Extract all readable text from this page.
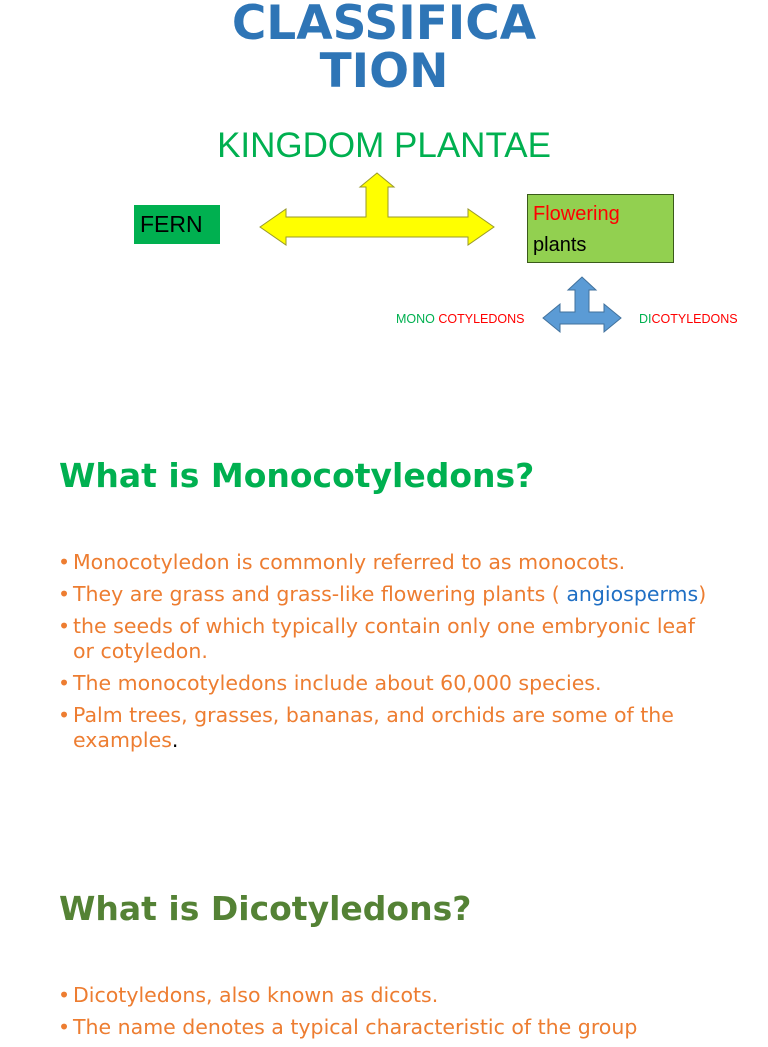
CLASSIFICA
TION
KINGDOM PLANTAE
FERN	Flowering
plants
MONO COTYLEDONS	DICOTYLEDONS
What is Monocotyledons?
• Monocotyledon is commonly referred to as monocots.
• They are grass and grass-like flowering plants ( angiosperms)
• the seeds of which typically contain only one embryonic leaf or cotyledon.
• The monocotyledons include about 60,000 species.
• Palm trees, grasses, bananas, and orchids are some of the examples.
What is Dicotyledons?
• Dicotyledons, also known as dicots.
• The name denotes a typical characteristic of the group
